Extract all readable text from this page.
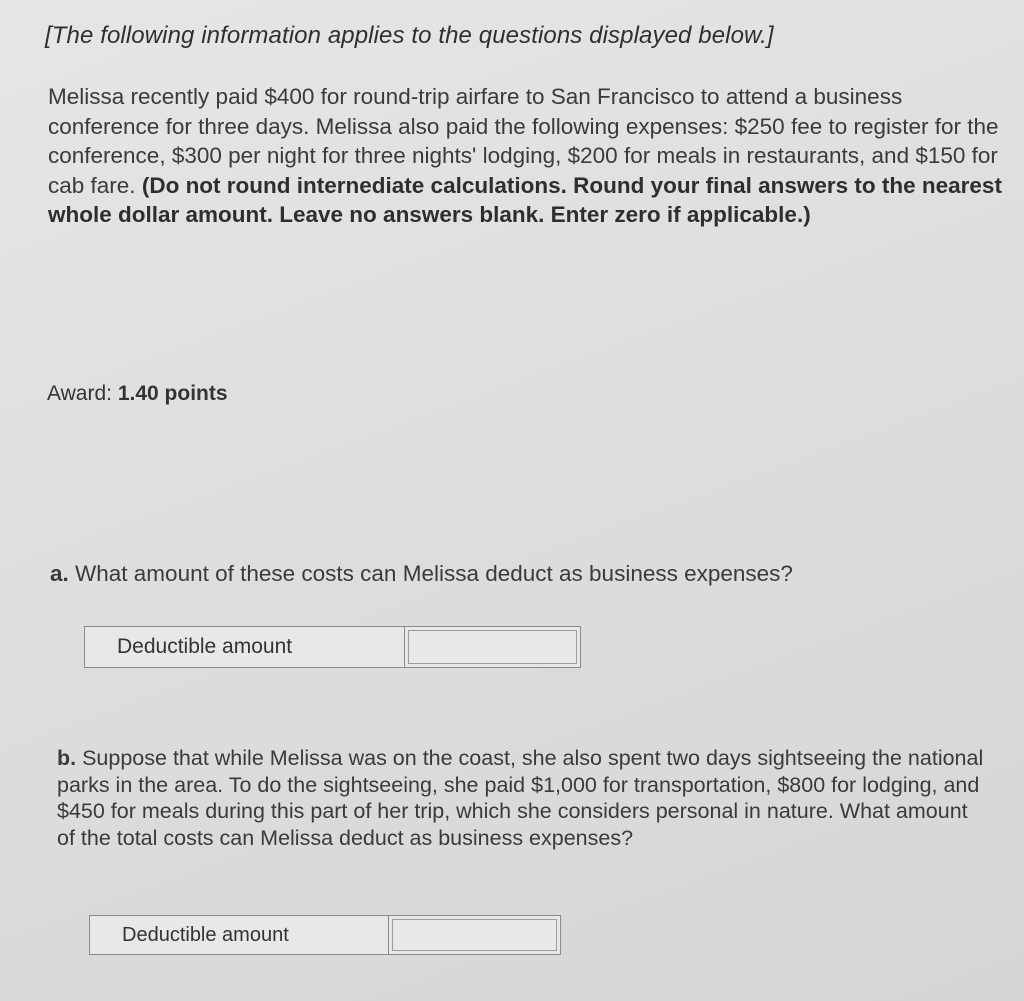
[The following information applies to the questions displayed below.]
Melissa recently paid $400 for round-trip airfare to San Francisco to attend a business conference for three days. Melissa also paid the following expenses: $250 fee to register for the conference, $300 per night for three nights' lodging, $200 for meals in restaurants, and $150 for cab fare. (Do not round internediate calculations. Round your final answers to the nearest whole dollar amount. Leave no answers blank. Enter zero if applicable.)
Award: 1.40 points
a. What amount of these costs can Melissa deduct as business expenses?
Deductible amount
b. Suppose that while Melissa was on the coast, she also spent two days sightseeing the national parks in the area. To do the sightseeing, she paid $1,000 for transportation, $800 for lodging, and $450 for meals during this part of her trip, which she considers personal in nature. What amount of the total costs can Melissa deduct as business expenses?
Deductible amount
